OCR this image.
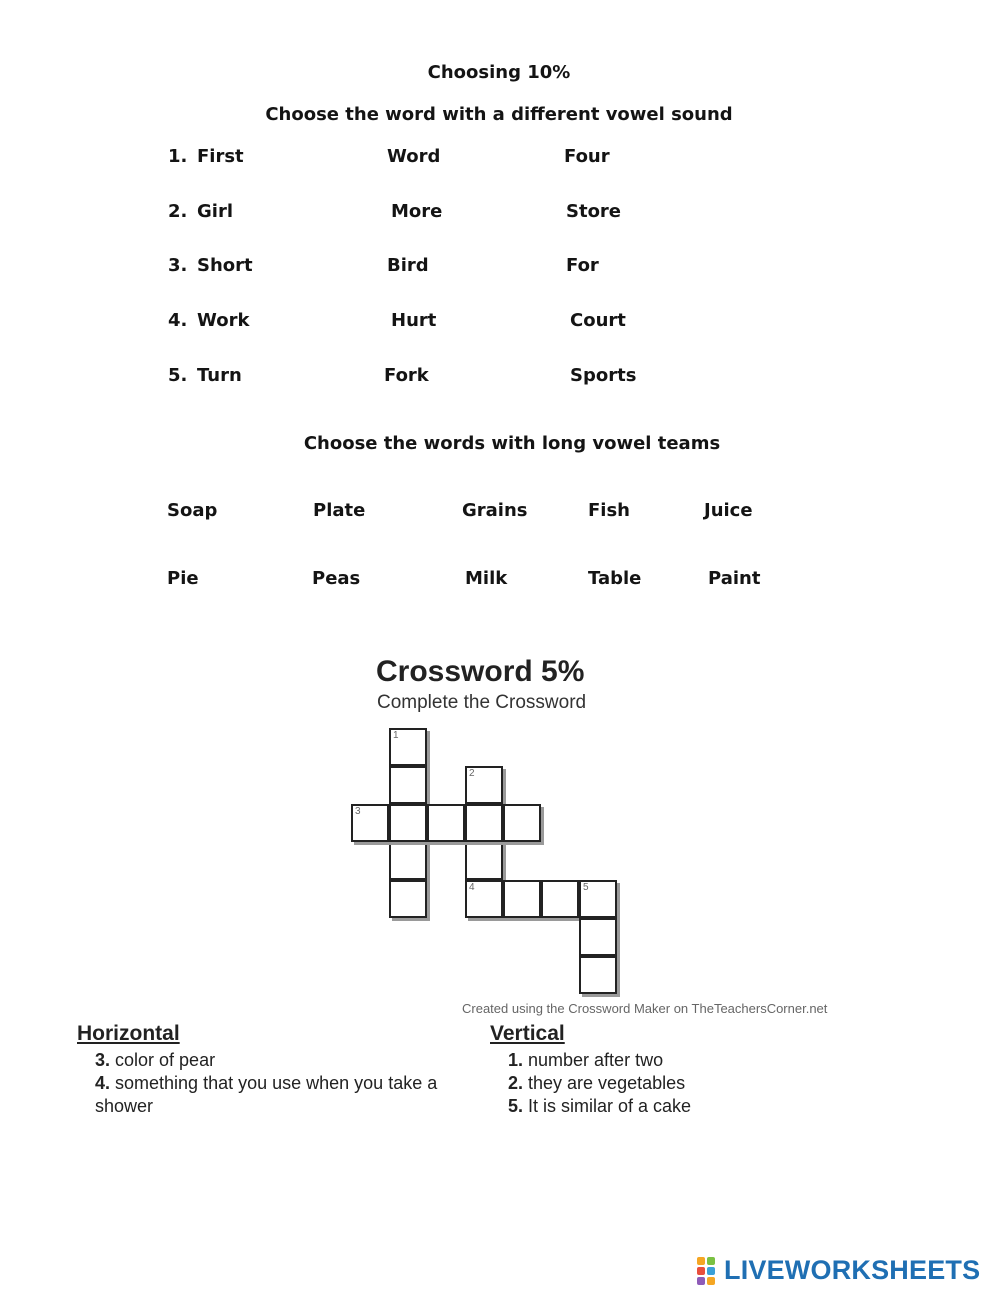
Choosing 10%
Choose the word with a different vowel sound
1. First	Word	Four
2. Girl	More	Store
3. Short	Bird	For
4. Work	Hurt	Court
5. Turn	Fork	Sports
Choose the words with long vowel teams
Soap	Plate	Grains	Fish	Juice
Pie	Peas	Milk	Table	Paint
Crossword 5%
Complete the Crossword
1
2
3
4	5
Created using the Crossword Maker on TheTeachersCorner.net
Horizontal
3. color of pear
4. something that you use when you take a
shower
Vertical
1. number after two
2. they are vegetables
5. It is similar of a cake
LIVEWORKSHEETS
